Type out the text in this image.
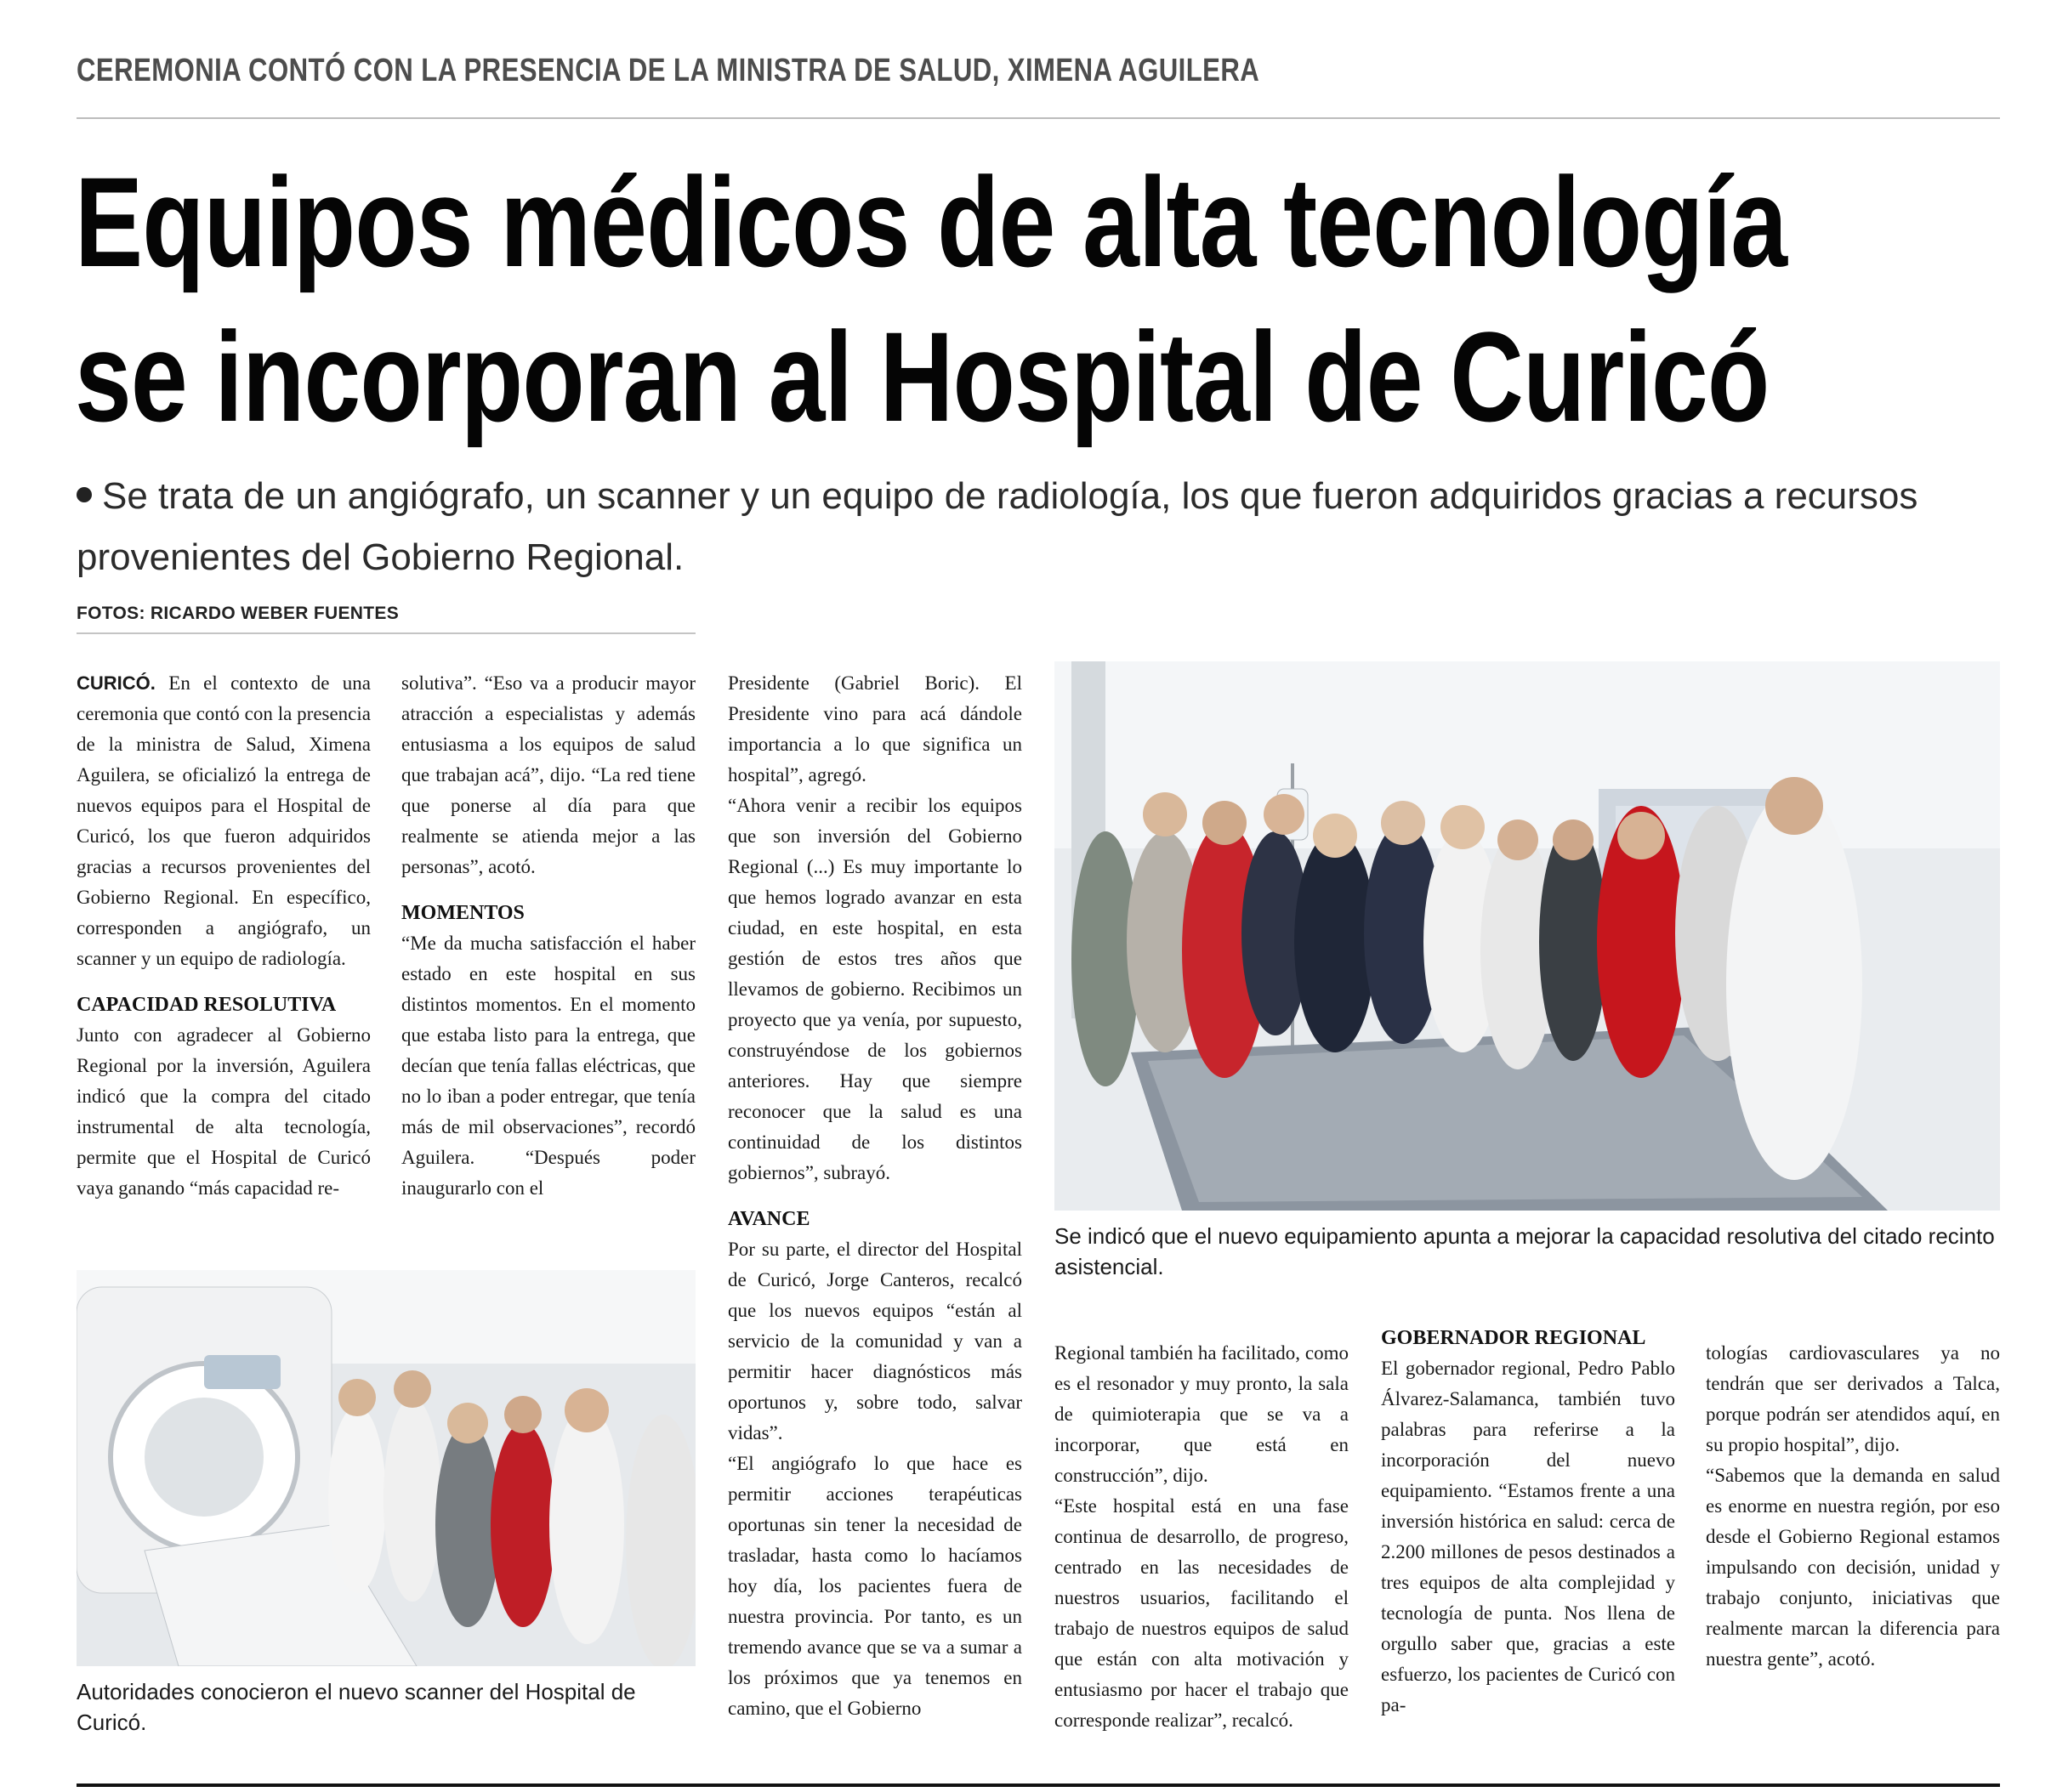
CEREMONIA CONTÓ CON LA PRESENCIA DE LA MINISTRA DE SALUD, XIMENA AGUILERA
Equipos médicos de alta tecnología
se incorporan al Hospital de Curicó
Se trata de un angiógrafo, un scanner y un equipo de radiología, los que fueron adquiridos gracias a recursos provenientes del Gobierno Regional.
FOTOS: RICARDO WEBER FUENTES

CURICÓ. En el contexto de una ceremonia que contó con la presencia de la ministra de Salud, Ximena Aguilera, se oficializó la entrega de nuevos equipos para el Hospital de Curicó, los que fueron adquiridos gracias a recursos provenientes del Gobierno Regional. En específico, corresponden a angiógrafo, un scanner y un equipo de radiología.

CAPACIDAD RESOLUTIVA

Junto con agradecer al Gobierno Regional por la inversión, Aguilera indicó que la compra del citado instrumental de alta tecnología, permite que el Hospital de Curicó vaya ganando “más capacidad re-

solutiva”. “Eso va a producir mayor atracción a especialistas y además entusiasma a los equipos de salud que trabajan acá”, dijo. “La red tiene que ponerse al día para que realmente se atienda mejor a las personas”, acotó.

MOMENTOS

“Me da mucha satisfacción el haber estado en este hospital en sus distintos momentos. En el momento que estaba listo para la entrega, que decían que tenía fallas eléctricas, que no lo iban a poder entregar, que tenía más de mil observaciones”, recordó Aguilera. “Después poder inaugurarlo con el

Presidente (Gabriel Boric). El Presidente vino para acá dándole importancia a lo que significa un hospital”, agregó.

“Ahora venir a recibir los equipos que son inversión del Gobierno Regional (...) Es muy importante lo que hemos logrado avanzar en esta ciudad, en este hospital, en esta gestión de estos tres años que llevamos de gobierno. Recibimos un proyecto que ya venía, por supuesto, construyéndose de los gobiernos anteriores. Hay que siempre reconocer que la salud es una continuidad de los distintos gobiernos”, subrayó.

AVANCE

Por su parte, el director del Hospital de Curicó, Jorge Canteros, recalcó que los nuevos equipos “están al servicio de la comunidad y van a permitir hacer diagnósticos más oportunos y, sobre todo, salvar vidas”.

“El angiógrafo lo que hace es permitir acciones terapéuticas oportunas sin tener la necesidad de trasladar, hasta como lo hacíamos hoy día, los pacientes fuera de nuestra provincia. Por tanto, es un tremendo avance que se va a sumar a los próximos que ya tenemos en camino, que el Gobierno

Regional también ha facilitado, como es el resonador y muy pronto, la sala de quimioterapia que se va a incorporar, que está en construcción”, dijo.

“Este hospital está en una fase continua de desarrollo, de progreso, centrado en las necesidades de nuestros usuarios, facilitando el trabajo de nuestros equipos de salud que están con alta motivación y entusiasmo por hacer el trabajo que corresponde realizar”, recalcó.

GOBERNADOR REGIONAL

El gobernador regional, Pedro Pablo Álvarez-Salamanca, también tuvo palabras para referirse a la incorporación del nuevo equipamiento. “Estamos frente a una inversión histórica en salud: cerca de 2.200 millones de pesos destinados a tres equipos de alta complejidad y tecnología de punta. Nos llena de orgullo saber que, gracias a este esfuerzo, los pacientes de Curicó con pa-

tologías cardiovasculares ya no tendrán que ser derivados a Talca, porque podrán ser atendidos aquí, en su propio hospital”, dijo.

“Sabemos que la demanda en salud es enorme en nuestra región, por eso desde el Gobierno Regional estamos impulsando con decisión, unidad y trabajo conjunto, iniciativas que realmente marcan la diferencia para nuestra gente”, acotó.

Se indicó que el nuevo equipamiento apunta a mejorar la capacidad resolutiva del citado recinto asistencial.
Autoridades conocieron el nuevo scanner del Hospital de Curicó.
